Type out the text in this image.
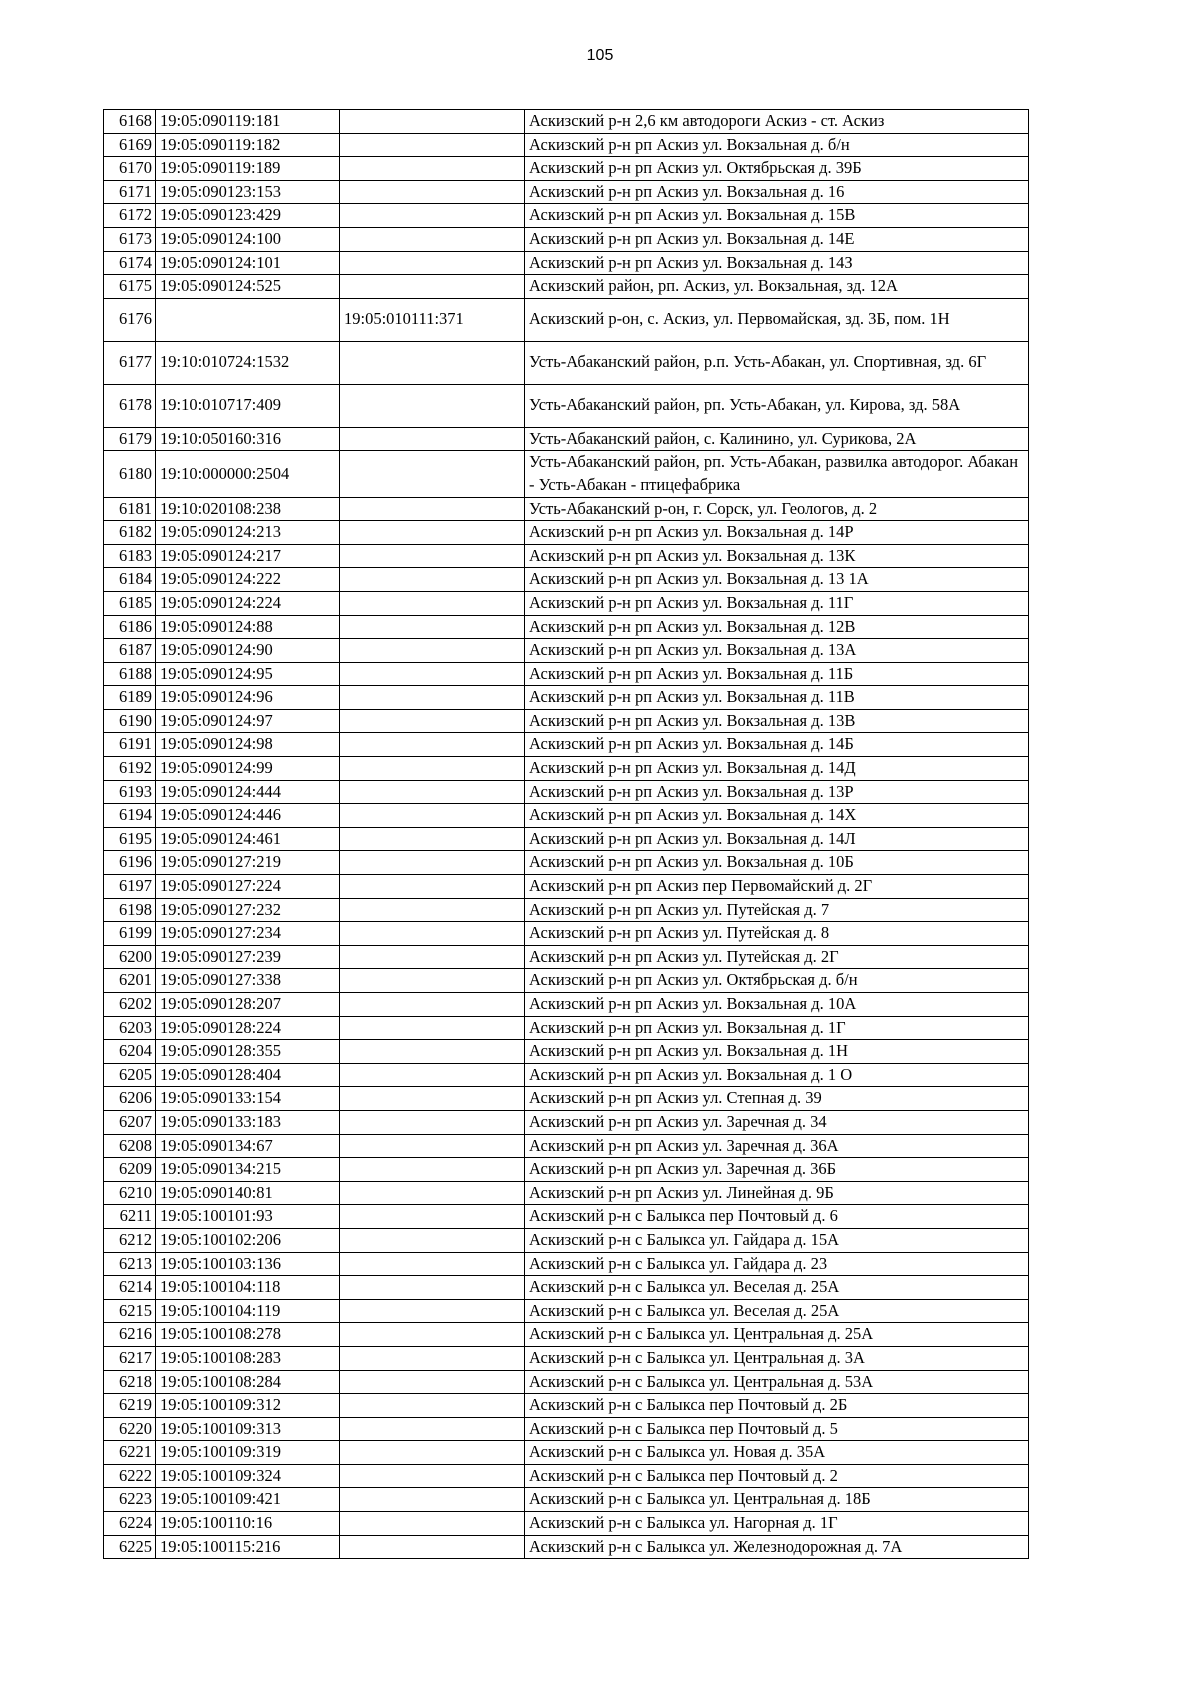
105
6168	19:05:090119:181		Аскизский р-н 2,6 км автодороги Аскиз - ст. Аскиз
6169	19:05:090119:182		Аскизский р-н рп Аскиз ул. Вокзальная д. б/н
6170	19:05:090119:189		Аскизский р-н рп Аскиз ул. Октябрьская д. 39Б
6171	19:05:090123:153		Аскизский р-н рп Аскиз ул. Вокзальная д. 16
6172	19:05:090123:429		Аскизский р-н рп Аскиз ул. Вокзальная д. 15В
6173	19:05:090124:100		Аскизский р-н рп Аскиз ул. Вокзальная д. 14Е
6174	19:05:090124:101		Аскизский р-н рп Аскиз ул. Вокзальная д. 14З
6175	19:05:090124:525		Аскизский район, рп. Аскиз, ул. Вокзальная, зд. 12А
6176		19:05:010111:371	Аскизский р-он, с. Аскиз, ул. Первомайская, зд. 3Б, пом. 1Н
6177	19:10:010724:1532		Усть-Абаканский район, р.п. Усть-Абакан, ул. Спортивная, зд. 6Г
6178	19:10:010717:409		Усть-Абаканский район, рп. Усть-Абакан, ул. Кирова, зд. 58А
6179	19:10:050160:316		Усть-Абаканский район, с. Калинино, ул. Сурикова, 2А
6180	19:10:000000:2504		Усть-Абаканский район, рп. Усть-Абакан, развилка автодорог. Абакан - Усть-Абакан - птицефабрика
6181	19:10:020108:238		Усть-Абаканский р-он, г. Сорск, ул. Геологов, д. 2
6182	19:05:090124:213		Аскизский р-н рп Аскиз ул. Вокзальная д. 14Р
6183	19:05:090124:217		Аскизский р-н рп Аскиз ул. Вокзальная д. 13К
6184	19:05:090124:222		Аскизский р-н рп Аскиз ул. Вокзальная д. 13 1А
6185	19:05:090124:224		Аскизский р-н рп Аскиз ул. Вокзальная д. 11Г
6186	19:05:090124:88		Аскизский р-н рп Аскиз ул. Вокзальная д. 12В
6187	19:05:090124:90		Аскизский р-н рп Аскиз ул. Вокзальная д. 13А
6188	19:05:090124:95		Аскизский р-н рп Аскиз ул. Вокзальная д. 11Б
6189	19:05:090124:96		Аскизский р-н рп Аскиз ул. Вокзальная д. 11В
6190	19:05:090124:97		Аскизский р-н рп Аскиз ул. Вокзальная д. 13В
6191	19:05:090124:98		Аскизский р-н рп Аскиз ул. Вокзальная д. 14Б
6192	19:05:090124:99		Аскизский р-н рп Аскиз ул. Вокзальная д. 14Д
6193	19:05:090124:444		Аскизский р-н рп Аскиз ул. Вокзальная д. 13Р
6194	19:05:090124:446		Аскизский р-н рп Аскиз ул. Вокзальная д. 14Х
6195	19:05:090124:461		Аскизский р-н рп Аскиз ул. Вокзальная д. 14Л
6196	19:05:090127:219		Аскизский р-н рп Аскиз ул. Вокзальная д. 10Б
6197	19:05:090127:224		Аскизский р-н рп Аскиз пер Первомайский д. 2Г
6198	19:05:090127:232		Аскизский р-н рп Аскиз ул. Путейская д. 7
6199	19:05:090127:234		Аскизский р-н рп Аскиз ул. Путейская д. 8
6200	19:05:090127:239		Аскизский р-н рп Аскиз ул. Путейская д. 2Г
6201	19:05:090127:338		Аскизский р-н рп Аскиз ул. Октябрьская д. б/н
6202	19:05:090128:207		Аскизский р-н рп Аскиз ул. Вокзальная д. 10А
6203	19:05:090128:224		Аскизский р-н рп Аскиз ул. Вокзальная д. 1Г
6204	19:05:090128:355		Аскизский р-н рп Аскиз ул. Вокзальная д. 1Н
6205	19:05:090128:404		Аскизский р-н рп Аскиз ул. Вокзальная д. 1 О
6206	19:05:090133:154		Аскизский р-н рп Аскиз ул. Степная д. 39
6207	19:05:090133:183		Аскизский р-н рп Аскиз ул. Заречная д. 34
6208	19:05:090134:67		Аскизский р-н рп Аскиз ул. Заречная д. 36А
6209	19:05:090134:215		Аскизский р-н рп Аскиз ул. Заречная д. 36Б
6210	19:05:090140:81		Аскизский р-н рп Аскиз ул. Линейная д. 9Б
6211	19:05:100101:93		Аскизский р-н с Балыкса пер Почтовый д. 6
6212	19:05:100102:206		Аскизский р-н с Балыкса ул. Гайдара д. 15А
6213	19:05:100103:136		Аскизский р-н с Балыкса ул. Гайдара д. 23
6214	19:05:100104:118		Аскизский р-н с Балыкса ул. Веселая д. 25А
6215	19:05:100104:119		Аскизский р-н с Балыкса ул. Веселая д. 25А
6216	19:05:100108:278		Аскизский р-н с Балыкса ул. Центральная д. 25А
6217	19:05:100108:283		Аскизский р-н с Балыкса ул. Центральная д. 3А
6218	19:05:100108:284		Аскизский р-н с Балыкса ул. Центральная д. 53А
6219	19:05:100109:312		Аскизский р-н с Балыкса пер Почтовый д. 2Б
6220	19:05:100109:313		Аскизский р-н с Балыкса пер Почтовый д. 5
6221	19:05:100109:319		Аскизский р-н с Балыкса ул. Новая д. 35А
6222	19:05:100109:324		Аскизский р-н с Балыкса пер Почтовый д. 2
6223	19:05:100109:421		Аскизский р-н с Балыкса ул. Центральная д. 18Б
6224	19:05:100110:16		Аскизский р-н с Балыкса ул. Нагорная д. 1Г
6225	19:05:100115:216		Аскизский р-н с Балыкса ул. Железнодорожная д. 7А
